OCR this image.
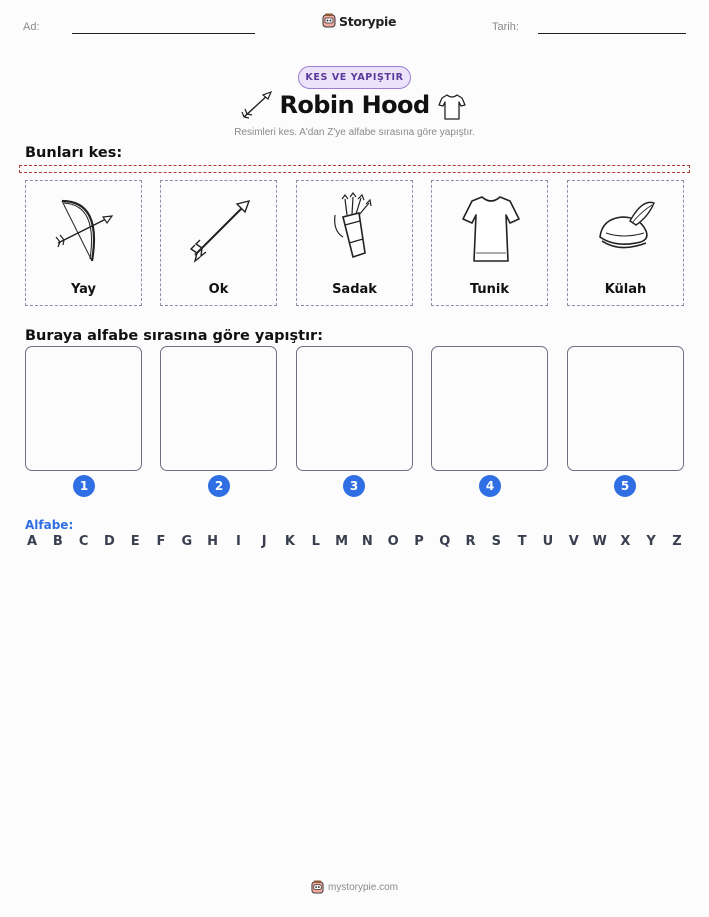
Ad:	Storypie	Tarih:
KES VE YAPIŞTIR
Robin Hood
Resimleri kes. A'dan Z'ye alfabe sırasına göre yapıştır.
Bunları kes:
Yay	Ok	Sadak	Tunik	Külah
Buraya alfabe sırasına göre yapıştır:
1	2	3	4	5
Alfabe:
A B C D E F G H	I	J	K L M N O P Q R S T U V W X Y Z
mystorypie.com
